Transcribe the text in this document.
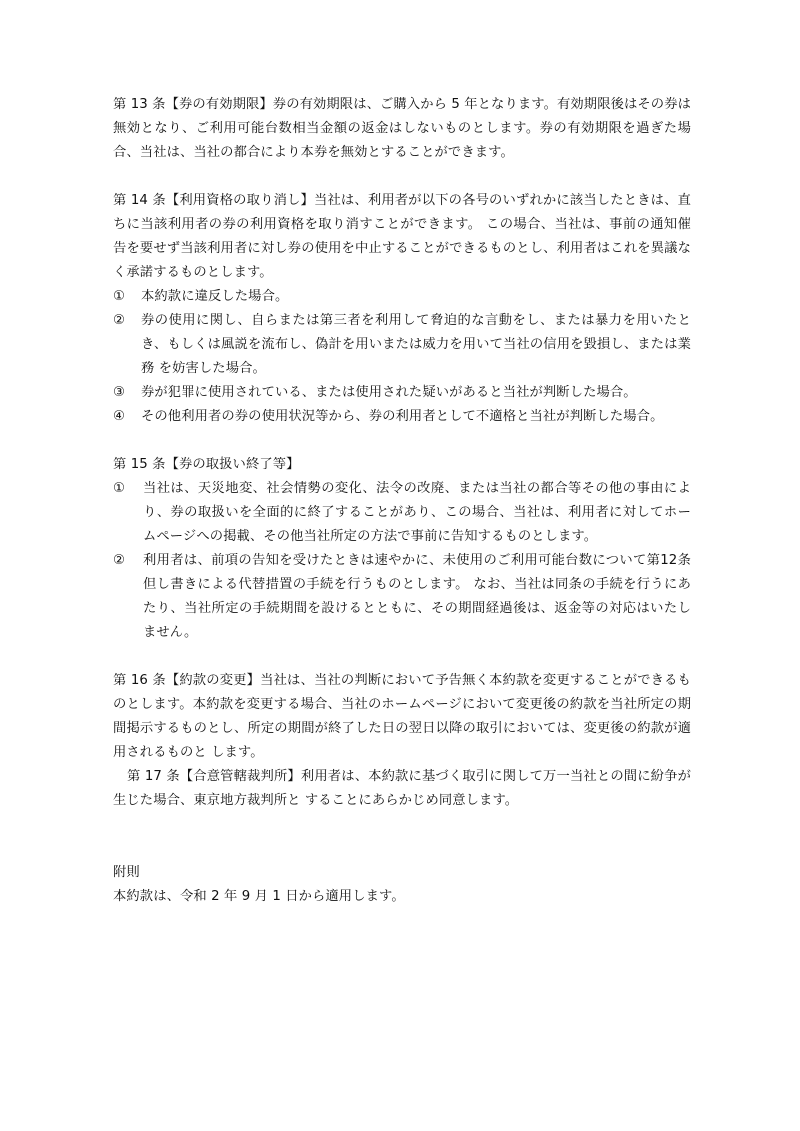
第 13 条【券の有効期限】券の有効期限は、ご購入から 5 年となります。有効期限後はその券は無効となり、ご利用可能台数相当金額の返金はしないものとします。券の有効期限を過ぎた場合、当社は、当社の都合により本券を無効とすることができます。

第 14 条【利用資格の取り消し】当社は、利用者が以下の各号のいずれかに該当したときは、直ちに当該利用者の券の利用資格を取り消すことができます。 この場合、当社は、事前の通知催告を要せず当該利用者に対し券の使用を中止することができるものとし、利用者はこれを異議なく承諾するものとします。

①	本約款に違反した場合。

②	券の使用に関し、自らまたは第三者を利用して脅迫的な言動をし、または暴力を用いたとき、もしくは風説を流布し、偽計を用いまたは威力を用いて当社の信用を毀損し、または業務 を妨害した場合。

③	券が犯罪に使用されている、または使用された疑いがあると当社が判断した場合。

④	その他利用者の券の使用状況等から、券の利用者として不適格と当社が判断した場合。

第 15 条【券の取扱い終了等】

①	当社は、天災地変、社会情勢の変化、法令の改廃、または当社の都合等その他の事由により、券の取扱いを全面的に終了することがあり、この場合、当社は、利用者に対してホームページへの掲載、その他当社所定の方法で事前に告知するものとします。

②	利用者は、前項の告知を受けたときは速やかに、未使用のご利用可能台数について第12条但し書きによる代替措置の手続を行うものとします。 なお、当社は同条の手続を行うにあたり、当社所定の手続期間を設けるとともに、その期間経過後は、返金等の対応はいたしません。

第 16 条【約款の変更】当社は、当社の判断において予告無く本約款を変更することができるものとします。本約款を変更する場合、当社のホームページにおいて変更後の約款を当社所定の期間掲示するものとし、所定の期間が終了した日の翌日以降の取引においては、変更後の約款が適用されるものと します。

第 17 条【合意管轄裁判所】利用者は、本約款に基づく取引に関して万一当社との間に紛争が生じた場合、東京地方裁判所と することにあらかじめ同意します。

附則

本約款は、令和 2 年 9 月 1 日から適用します。
